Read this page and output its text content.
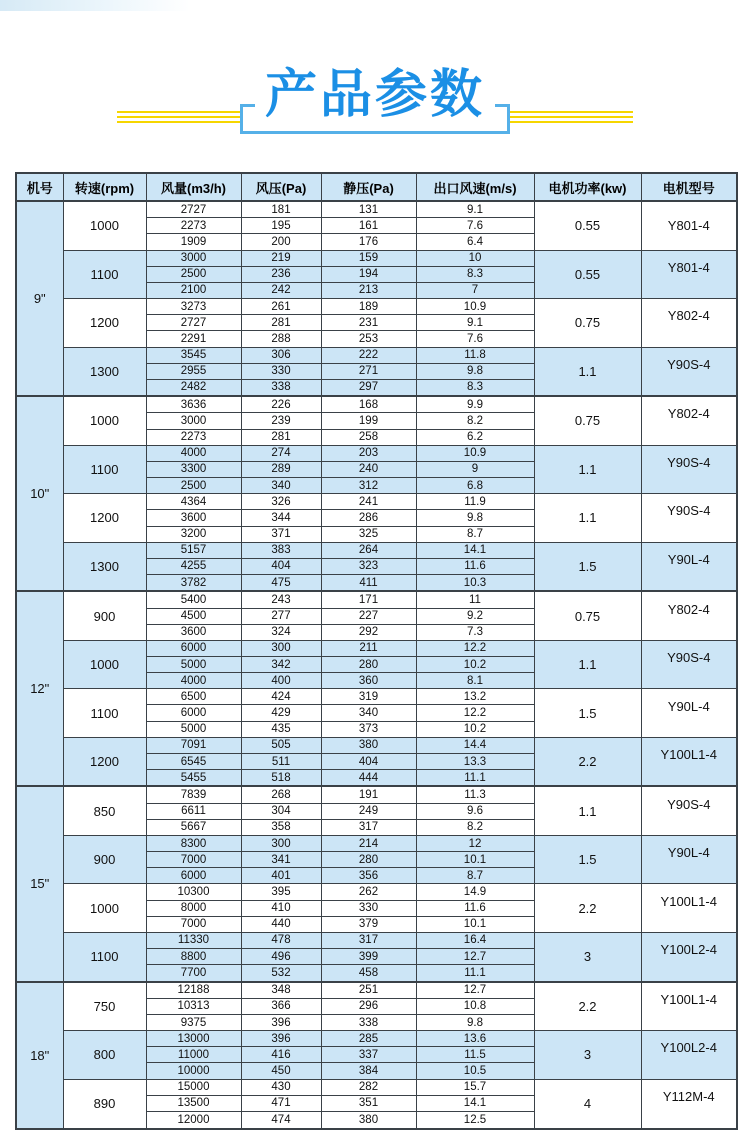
产品参数
机号	转速(rpm)	风量(m3/h)	风压(Pa)	静压(Pa)	出口风速(m/s)	电机功率(kw)	电机型号
9"	1000	2727	181	131	9.1	0.55	Y801-4
		2273	195	161	7.6		
		1909	200	176	6.4		
	1100	3000	219	159	10	0.55	Y801-4
		2500	236	194	8.3		
		2100	242	213	7		
	1200	3273	261	189	10.9	0.75	Y802-4
		2727	281	231	9.1		
		2291	288	253	7.6		
	1300	3545	306	222	11.8	1.1	Y90S-4
		2955	330	271	9.8		
		2482	338	297	8.3		
10"	1000	3636	226	168	9.9	0.75	Y802-4
		3000	239	199	8.2		
		2273	281	258	6.2		
	1100	4000	274	203	10.9	1.1	Y90S-4
		3300	289	240	9		
		2500	340	312	6.8		
	1200	4364	326	241	11.9	1.1	Y90S-4
		3600	344	286	9.8		
		3200	371	325	8.7		
	1300	5157	383	264	14.1	1.5	Y90L-4
		4255	404	323	11.6		
		3782	475	411	10.3		
12"	900	5400	243	171	11	0.75	Y802-4
		4500	277	227	9.2		
		3600	324	292	7.3		
	1000	6000	300	211	12.2	1.1	Y90S-4
		5000	342	280	10.2		
		4000	400	360	8.1		
	1100	6500	424	319	13.2	1.5	Y90L-4
		6000	429	340	12.2		
		5000	435	373	10.2		
	1200	7091	505	380	14.4	2.2	Y100L1-4
		6545	511	404	13.3		
		5455	518	444	11.1		
15"	850	7839	268	191	11.3	1.1	Y90S-4
		6611	304	249	9.6		
		5667	358	317	8.2		
	900	8300	300	214	12	1.5	Y90L-4
		7000	341	280	10.1		
		6000	401	356	8.7		
	1000	10300	395	262	14.9	2.2	Y100L1-4
		8000	410	330	11.6		
		7000	440	379	10.1		
	1100	11330	478	317	16.4	3	Y100L2-4
		8800	496	399	12.7		
		7700	532	458	11.1		
18"	750	12188	348	251	12.7	2.2	Y100L1-4
		10313	366	296	10.8		
		9375	396	338	9.8		
	800	13000	396	285	13.6	3	Y100L2-4
		11000	416	337	11.5		
		10000	450	384	10.5		
	890	15000	430	282	15.7	4	Y112M-4
		13500	471	351	14.1		
		12000	474	380	12.5		
